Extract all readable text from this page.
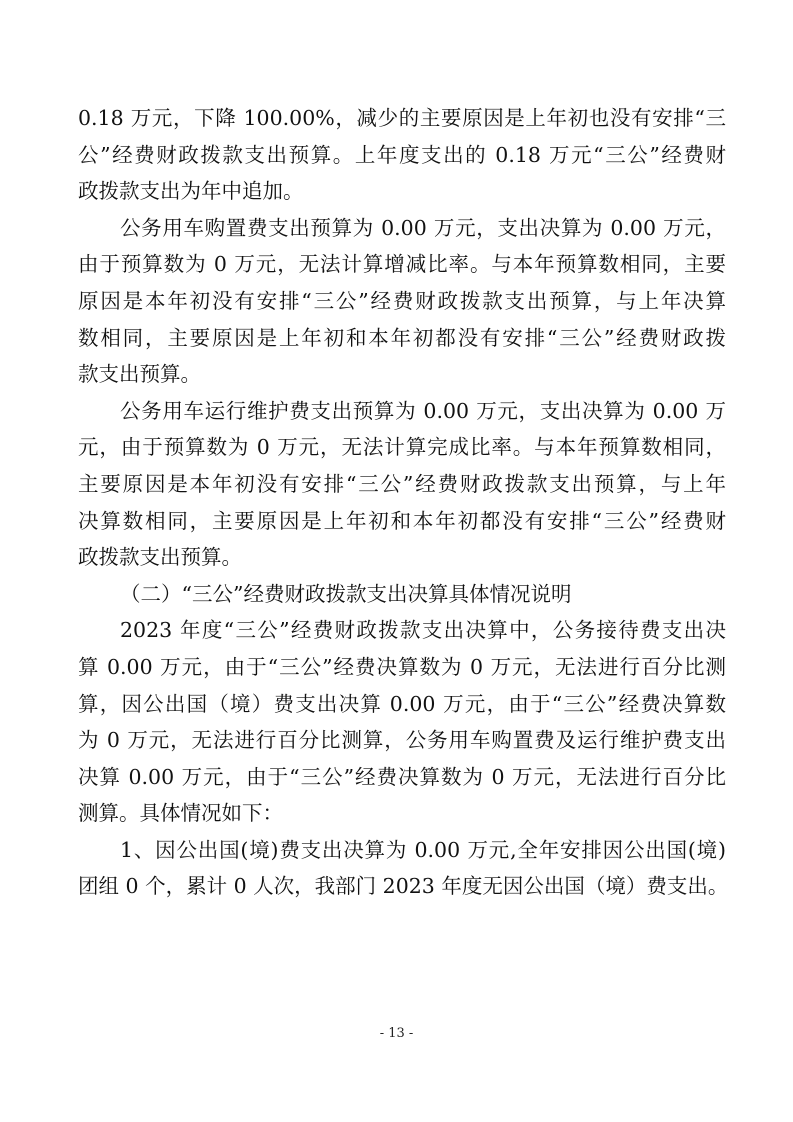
0.18 万元，下降 100.00%，减少的主要原因是上年初也没有安排“三
公”经费财政拨款支出预算。上年度支出的 0.18 万元“三公”经费财
政拨款支出为年中追加。

公务用车购置费支出预算为 0.00 万元，支出决算为 0.00 万元，
由于预算数为 0 万元，无法计算增减比率。与本年预算数相同，主要
原因是本年初没有安排“三公”经费财政拨款支出预算，与上年决算
数相同，主要原因是上年初和本年初都没有安排“三公”经费财政拨
款支出预算。

公务用车运行维护费支出预算为 0.00 万元，支出决算为 0.00 万
元，由于预算数为 0 万元，无法计算完成比率。与本年预算数相同，
主要原因是本年初没有安排“三公”经费财政拨款支出预算，与上年
决算数相同，主要原因是上年初和本年初都没有安排“三公”经费财
政拨款支出预算。

（二）“三公”经费财政拨款支出决算具体情况说明

2023 年度“三公”经费财政拨款支出决算中，公务接待费支出决
算 0.00 万元，由于“三公”经费决算数为 0 万元，无法进行百分比测
算，因公出国（境）费支出决算 0.00 万元，由于“三公”经费决算数
为 0 万元，无法进行百分比测算，公务用车购置费及运行维护费支出
决算 0.00 万元，由于“三公”经费决算数为 0 万元，无法进行百分比
测算。具体情况如下：

1、因公出国(境)费支出决算为 0.00 万元,全年安排因公出国(境)
团组 0 个，累计 0 人次，我部门 2023 年度无因公出国（境）费支出。

- 13 -
